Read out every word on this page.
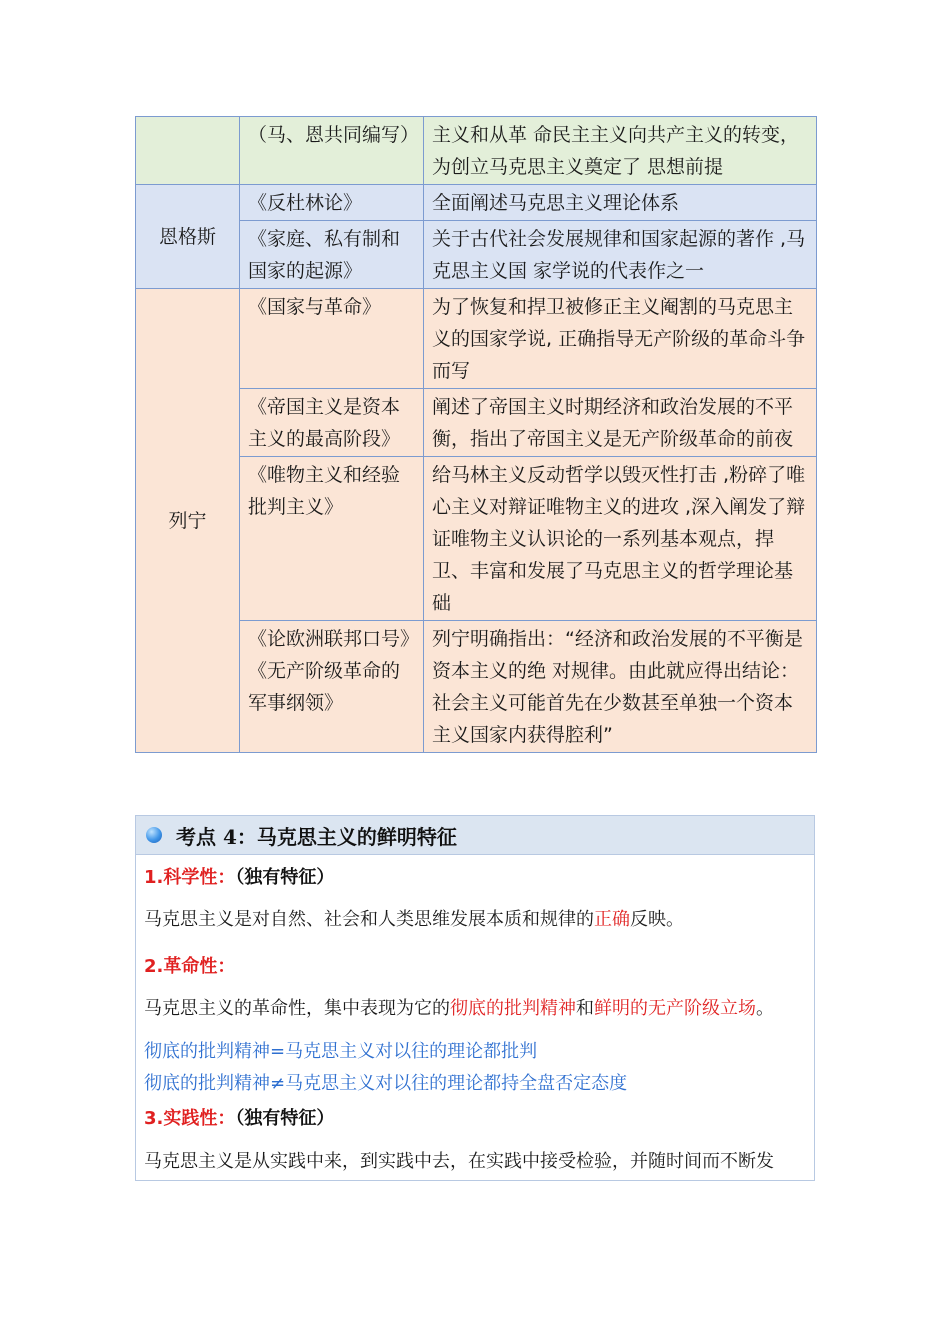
	（马、恩共同编写）	主义和从革 命民主主义向共产主义的转变，为创立马克思主义奠定了 思想前提
恩格斯	《反杜林论》	全面阐述马克思主义理论体系
	《家庭、私有制和国家的起源》	关于古代社会发展规律和国家起源的著作 ,马克思主义国 家学说的代表作之一
列宁	《国家与革命》	为了恢复和捍卫被修正主义阉割的马克思主义的国家学说, 正确指导无产阶级的革命斗争而写
	《帝国主义是资本主义的最高阶段》	阐述了帝国主义时期经济和政治发展的不平衡，指出了帝国主义是无产阶级革命的前夜
	《唯物主义和经验批判主义》	给马林主义反动哲学以毁灭性打击 ,粉碎了唯心主义对辩证唯物主义的进攻 ,深入阐发了辩证唯物主义认识论的一系列基本观点，捍卫、丰富和发展了马克思主义的哲学理论基础
	《论欧洲联邦口号》《无产阶级革命的军事纲领》	列宁明确指出：“经济和政治发展的不平衡是资本主义的绝 对规律。由此就应得出结论：社会主义可能首先在少数甚至单独一个资本主义国家内获得腔利”
考点 4：马克思主义的鲜明特征
1.科学性：（独有特征）
马克思主义是对自然、社会和人类思维发展本质和规律的正确反映。
2.革命性：
马克思主义的革命性，集中表现为它的彻底的批判精神和鲜明的无产阶级立场。
彻底的批判精神=马克思主义对以往的理论都批判
彻底的批判精神≠马克思主义对以往的理论都持全盘否定态度
3.实践性：（独有特征）
马克思主义是从实践中来，到实践中去，在实践中接受检验，并随时间而不断发
